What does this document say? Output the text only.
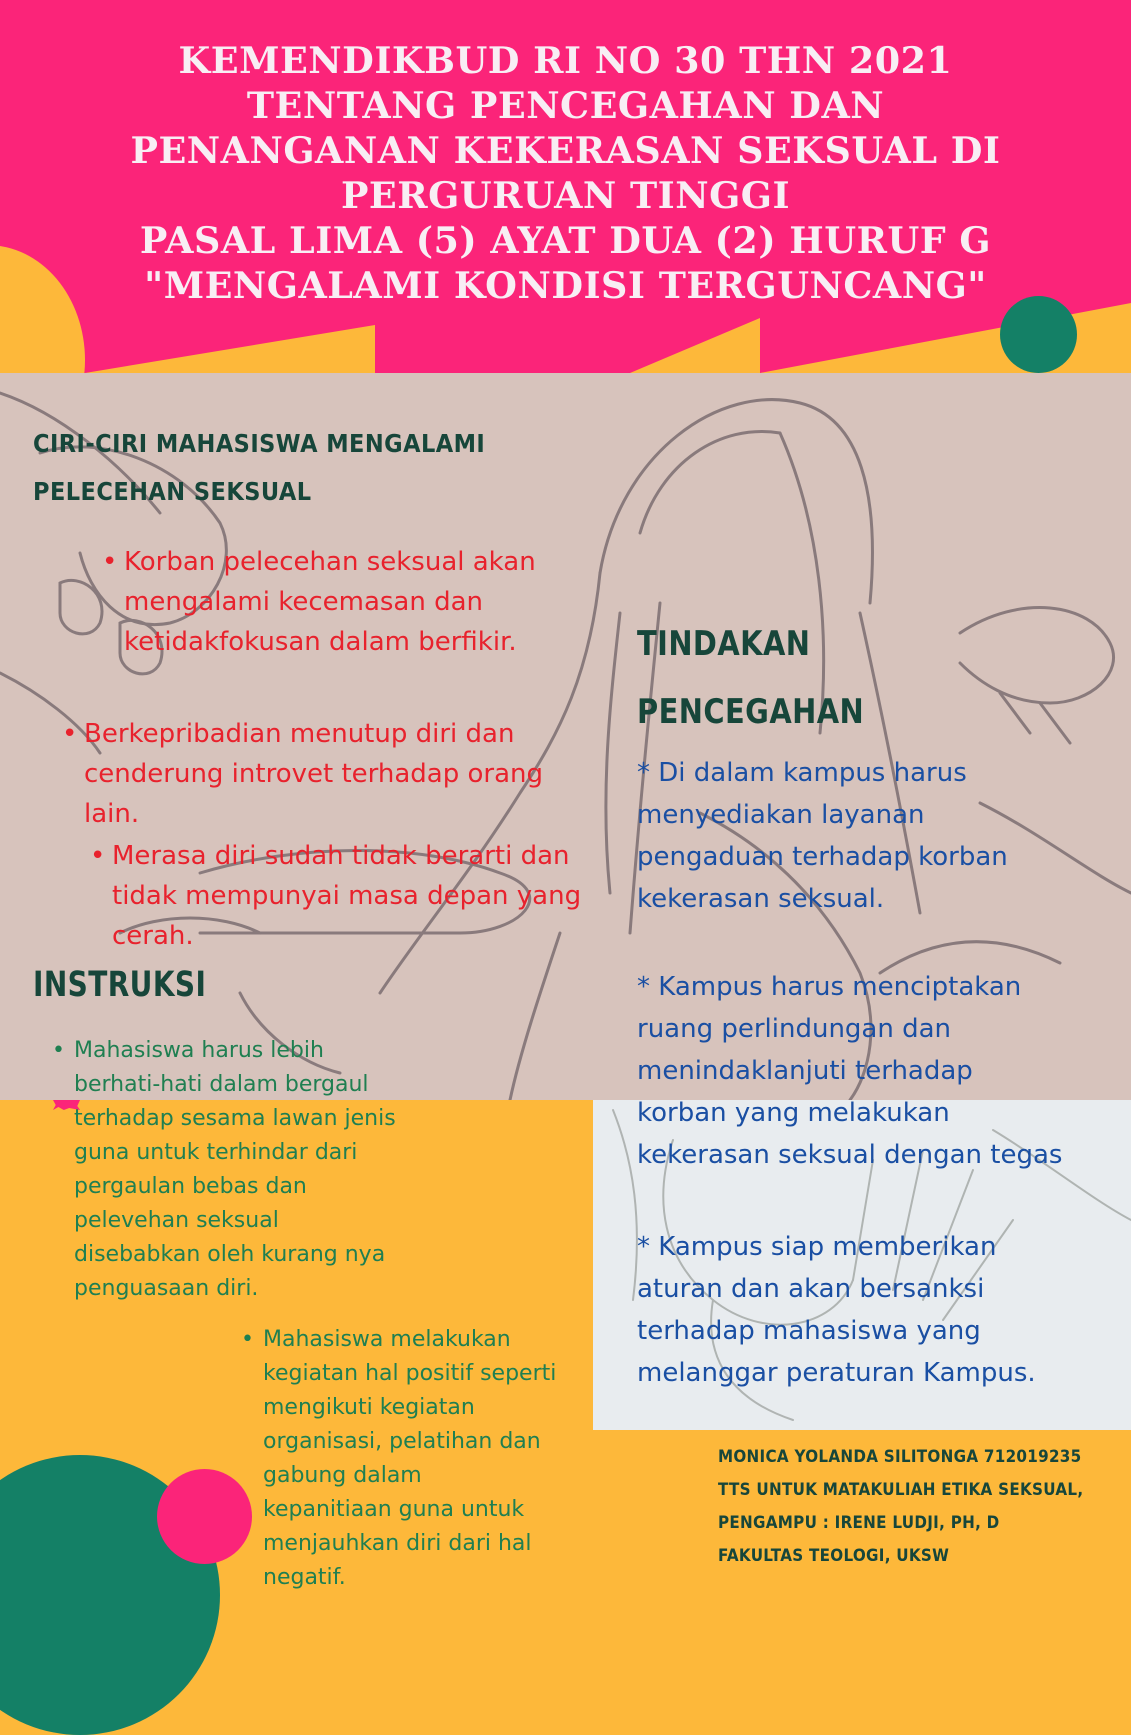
KEMENDIKBUD RI NO 30 THN 2021
TENTANG PENCEGAHAN DAN
PENANGANAN KEKERASAN SEKSUAL DI
PERGURUAN TINGGI
PASAL LIMA (5) AYAT DUA (2) HURUF G
"MENGALAMI KONDISI TERGUNCANG"
CIRI-CIRI MAHASISWA MENGALAMI
PELECEHAN SEKSUAL
• Korban pelecehan seksual akan
mengalami kecemasan dan
ketidakfokusan dalam berfikir.
• Berkepribadian menutup diri dan
cenderung introvet terhadap orang
lain.
• Merasa diri sudah tidak berarti dan
tidak mempunyai masa depan yang
cerah.
TINDAKAN
PENCEGAHAN
* Di dalam kampus harus
menyediakan layanan
pengaduan terhadap korban
kekerasan seksual.
* Kampus harus menciptakan
ruang perlindungan dan
menindaklanjuti terhadap
korban yang melakukan
kekerasan seksual dengan tegas
* Kampus siap memberikan
aturan dan akan bersanksi
terhadap mahasiswa yang
melanggar peraturan Kampus.
INSTRUKSI
• Mahasiswa harus lebih
berhati-hati dalam bergaul
terhadap sesama lawan jenis
guna untuk terhindar dari
pergaulan bebas dan
pelevehan seksual
disebabkan oleh kurang nya
penguasaan diri.
• Mahasiswa melakukan
kegiatan hal positif seperti
mengikuti kegiatan
organisasi, pelatihan dan
gabung dalam
kepanitiaan guna untuk
menjauhkan diri dari hal
negatif.
MONICA YOLANDA SILITONGA 712019235
TTS UNTUK MATAKULIAH ETIKA SEKSUAL,
PENGAMPU : IRENE LUDJI, PH, D
FAKULTAS TEOLOGI, UKSW
